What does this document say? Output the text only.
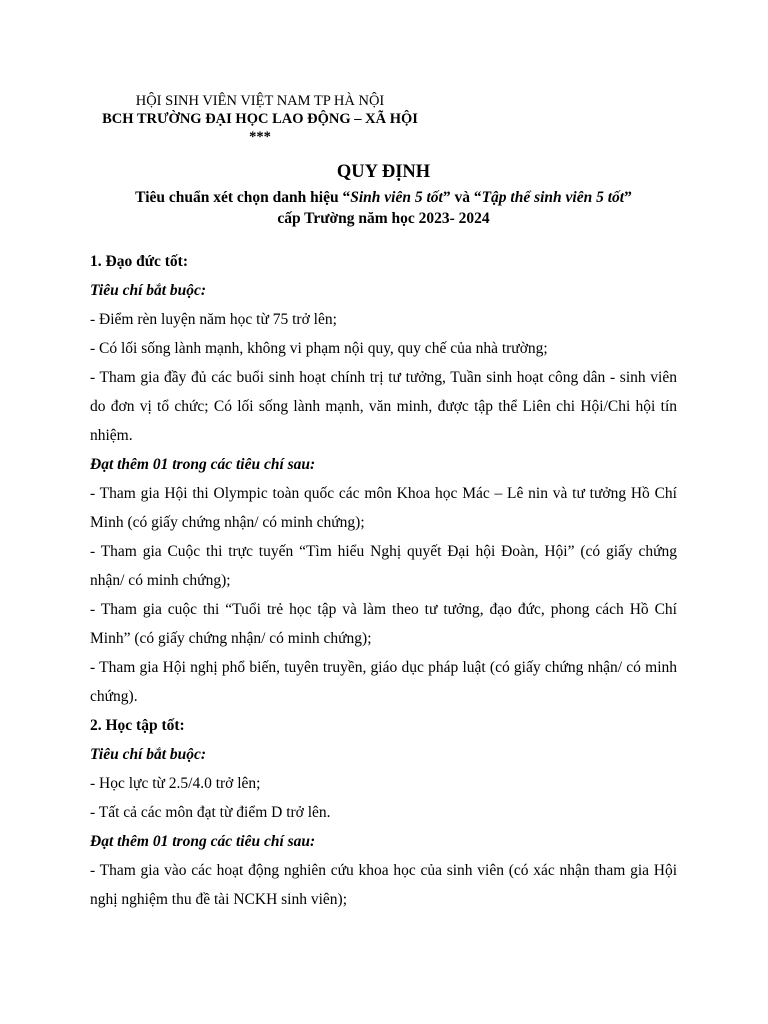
HỘI SINH VIÊN VIỆT NAM TP HÀ NỘI
BCH TRƯỜNG ĐẠI HỌC LAO ĐỘNG – XÃ HỘI
***
QUY ĐỊNH
Tiêu chuẩn xét chọn danh hiệu “Sinh viên 5 tốt” và “Tập thể sinh viên 5 tốt”
cấp Trường năm học 2023- 2024

1. Đạo đức tốt:

Tiêu chí bắt buộc:

- Điểm rèn luyện năm học từ 75 trở lên;

- Có lối sống lành mạnh, không vi phạm nội quy, quy chế của nhà trường;

- Tham gia đầy đủ các buổi sinh hoạt chính trị tư tưởng, Tuần sinh hoạt công dân - sinh viên do đơn vị tổ chức; Có lối sống lành mạnh, văn minh, được tập thể Liên chi Hội/Chi hội tín nhiệm.

Đạt thêm 01 trong các tiêu chí sau:

- Tham gia Hội thi Olympic toàn quốc các môn Khoa học Mác – Lê nin và tư tưởng Hồ Chí Minh (có giấy chứng nhận/ có minh chứng);

- Tham gia Cuộc thi trực tuyến “Tìm hiểu Nghị quyết Đại hội Đoàn, Hội” (có giấy chứng nhận/ có minh chứng);

- Tham gia cuộc thi “Tuổi trẻ học tập và làm theo tư tưởng, đạo đức, phong cách Hồ Chí Minh” (có giấy chứng nhận/ có minh chứng);

- Tham gia Hội nghị phổ biến, tuyên truyền, giáo dục pháp luật (có giấy chứng nhận/ có minh chứng).

2. Học tập tốt:

Tiêu chí bắt buộc:

- Học lực từ 2.5/4.0 trở lên;

- Tất cả các môn đạt từ điểm D trở lên.

Đạt thêm 01 trong các tiêu chí sau:

- Tham gia vào các hoạt động nghiên cứu khoa học của sinh viên (có xác nhận tham gia Hội nghị nghiệm thu đề tài NCKH sinh viên);
